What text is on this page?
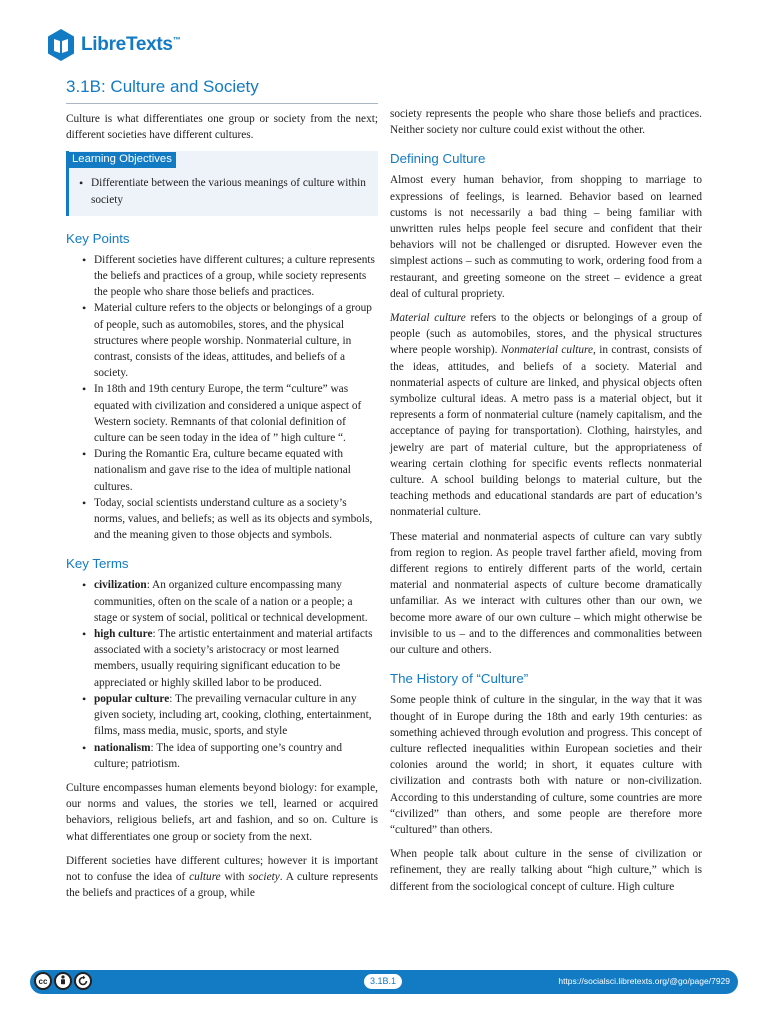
LibreTexts™
3.1B: Culture and Society

Culture is what differentiates one group or society from the next; different societies have different cultures.

Learning Objectives
• Differentiate between the various meanings of culture within society
Key Points
• Different societies have different cultures; a culture represents the beliefs and practices of a group, while society represents the people who share those beliefs and practices.
• Material culture refers to the objects or belongings of a group of people, such as automobiles, stores, and the physical structures where people worship. Nonmaterial culture, in contrast, consists of the ideas, attitudes, and beliefs of a society.
• In 18th and 19th century Europe, the term “culture” was equated with civilization and considered a unique aspect of Western society. Remnants of that colonial definition of culture can be seen today in the idea of ” high culture “.
• During the Romantic Era, culture became equated with nationalism and gave rise to the idea of multiple national cultures.
• Today, social scientists understand culture as a society’s norms, values, and beliefs; as well as its objects and symbols, and the meaning given to those objects and symbols.
Key Terms
• civilization: An organized culture encompassing many communities, often on the scale of a nation or a people; a stage or system of social, political or technical development.
• high culture: The artistic entertainment and material artifacts associated with a society’s aristocracy or most learned members, usually requiring significant education to be appreciated or highly skilled labor to be produced.
• popular culture: The prevailing vernacular culture in any given society, including art, cooking, clothing, entertainment, films, mass media, music, sports, and style
• nationalism: The idea of supporting one’s country and culture; patriotism.

Culture encompasses human elements beyond biology: for example, our norms and values, the stories we tell, learned or acquired behaviors, religious beliefs, art and fashion, and so on. Culture is what differentiates one group or society from the next.

Different societies have different cultures; however it is important not to confuse the idea of culture with society. A culture represents the beliefs and practices of a group, while

society represents the people who share those beliefs and practices. Neither society nor culture could exist without the other.

Defining Culture

Almost every human behavior, from shopping to marriage to expressions of feelings, is learned. Behavior based on learned customs is not necessarily a bad thing – being familiar with unwritten rules helps people feel secure and confident that their behaviors will not be challenged or disrupted. However even the simplest actions – such as commuting to work, ordering food from a restaurant, and greeting someone on the street – evidence a great deal of cultural propriety.

Material culture refers to the objects or belongings of a group of people (such as automobiles, stores, and the physical structures where people worship). Nonmaterial culture, in contrast, consists of the ideas, attitudes, and beliefs of a society. Material and nonmaterial aspects of culture are linked, and physical objects often symbolize cultural ideas. A metro pass is a material object, but it represents a form of nonmaterial culture (namely capitalism, and the acceptance of paying for transportation). Clothing, hairstyles, and jewelry are part of material culture, but the appropriateness of wearing certain clothing for specific events reflects nonmaterial culture. A school building belongs to material culture, but the teaching methods and educational standards are part of education’s nonmaterial culture.

These material and nonmaterial aspects of culture can vary subtly from region to region. As people travel farther afield, moving from different regions to entirely different parts of the world, certain material and nonmaterial aspects of culture become dramatically unfamiliar. As we interact with cultures other than our own, we become more aware of our own culture – which might otherwise be invisible to us – and to the differences and commonalities between our culture and others.

The History of “Culture”

Some people think of culture in the singular, in the way that it was thought of in Europe during the 18th and early 19th centuries: as something achieved through evolution and progress. This concept of culture reflected inequalities within European societies and their colonies around the world; in short, it equates culture with civilization and contrasts both with nature or non-civilization. According to this understanding of culture, some countries are more “civilized” than others, and some people are therefore more “cultured” than others.

When people talk about culture in the sense of civilization or refinement, they are really talking about “high culture,” which is different from the sociological concept of culture. High culture

cc	3.1B.1	https://socialsci.libretexts.org/@go/page/7929
